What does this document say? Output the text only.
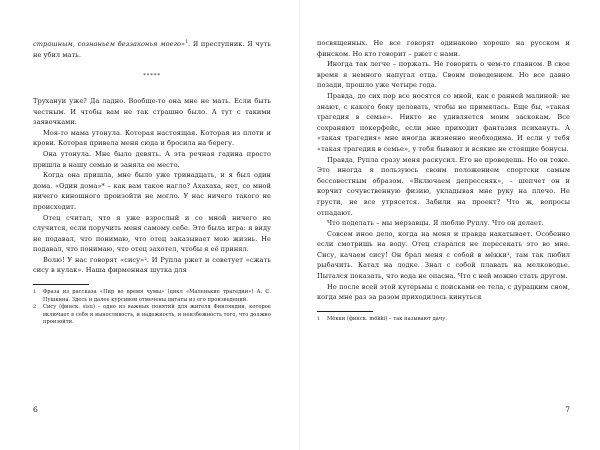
страшным, сознаньем беззаконья моего»$^1$. Я преступник. Я чуть не убил мать.

*****

Трухануи уже? Да ладно. Вообще-то она мне не мать. Если быть честным. И чтобы вам не так страшно было. А тут с такими заявочками.

Моя-то мама утонула. Которая настоящая. Которая из плоти и крови. Которая привела меня сюда и бросила на берегу.

Она утонула. Мне было девять. А эта речная гадина просто пришла в нашу семью и заняла ее место.

Когда она пришла, мне было уже тринадцать, и я был один дома. «Один дома»* – как вам такое нагло? Ахахаха, нет, со мной ничего киношного произойти не могло. У нас ничего такого не происходит.

Отец считал, что я уже взрослый и со мной ничего не случится, если поручить меня самому себе. Это была игра: я виду не подавал, что понимаю, что отец заказывает мою жизнь. Не подавал, что понимаю, что отец захотел, чтобы я её принял.

Волю! У нас говорят «сису»². И Рупла ржет и советует «сжать сису в кулак». Наша фирменная шутка для

1 Фраза из рассказа «Пир во время чумы» (цикл «Маленькие трагедии») А. С. Пушкина. Здесь и далее курсивом отмечены цитаты из его произведений.

2 Сису (финск. sisu) – одно из важных понятий для жителя Финляндии, которое включает в себя и выносливость, и надежность, и неизбежность того, что должно произойти.

6

посвященных. Не все говорят одинаково хорошо на русском и финском. Но кто говорит – ржет с нами.

Иногда так легче – поржать. Не говорить о чем-то главном. В свое время я немного напугал отца. Своим поведением. Но все давно позади, прошло уже четыре года.

Правда, до сих пор все носятся со мной, как с ранней малиной: не знают, с какого боку целовать, чтобы не примялась. Еще бы, «такая трагедия в семье». Никто не удивляется моим заскокам. Все сохраняют покерфейс, если мне приходит фантазия психануть. А «такая трагедия» мне иногда жизненно необходима. И если у тебя «такая трагедия в семье», у тебя бывают и всякие не стоящие бонусы.

Правда, Рупла сразу меня раскусил. Его не проведешь. Но он тоже. Это иногда я пользуюсь своим положением спортски самым бессовестным образом. «Включаем депрессняк», – шепчет он и корчит сочувственную физию, укладывая мне руку на плечо. Не грусти, не все утрясется. Забили на проект? Что ж, вопросы отпадают.

Что поделать – мы мерзавцы. Я люблю Руплу. Что он делает.

Совсем иное дело, когда на меня и правда накатывает. Особенно если смотришь на воду. Отец старался не пересекать это во мне. Сису, качаем сису! Он брал меня с собой в мёкки¹, там так любил рыбачить. Катал на лодке. Знал с собой плавать на мелководье. Пытался показать, что вода не опасна. Что с ней можно стать другом.

Но после всей этой кутерьмы с поисками ее тела, с дурацким сном, когда мне раз за разом приходилось кинуться

1 Мёкки (финск. mökki) – так называют дачу.

7
